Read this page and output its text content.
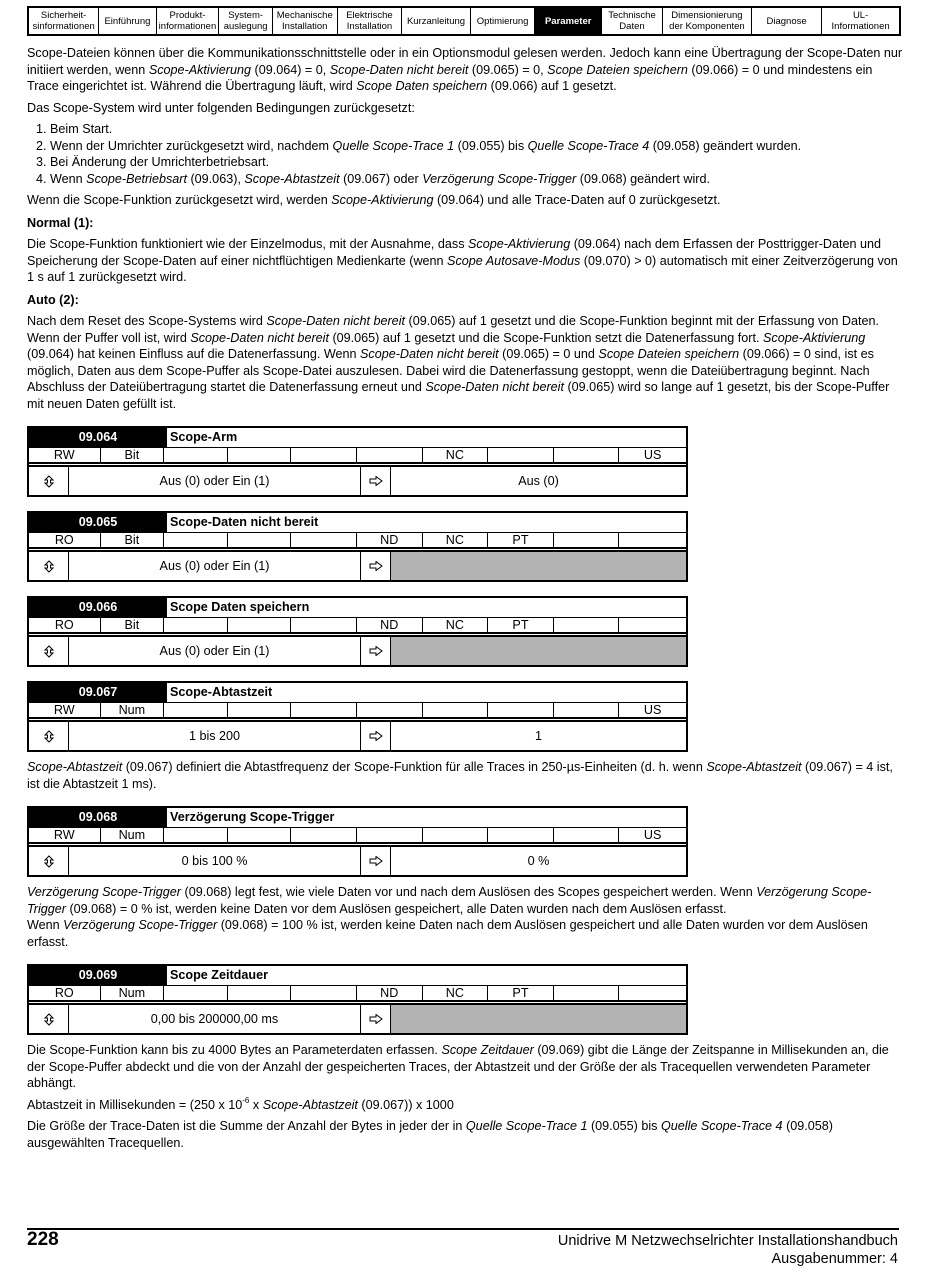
Sicherheit-
sinformationen	Einführung	Produkt-
informationen
System-
auslegung
Mechanische
Installation
Elektrische
Installation	Kurzanleitung	Optimierung	Parameter	Technische
Daten
Dimensionierung
der Komponenten	Diagnose	UL-
Informationen

Scope-Dateien können über die Kommunikationsschnittstelle oder in ein Optionsmodul gelesen werden. Jedoch kann eine Übertragung der Scope-Daten nur initiiert werden, wenn Scope-Aktivierung (09.064) = 0, Scope-Daten nicht bereit (09.065) = 0, Scope Dateien speichern (09.066) = 0 und mindestens ein Trace eingerichtet ist. Während die Übertragung läuft, wird Scope Daten speichern (09.066) auf 1 gesetzt.

Das Scope-System wird unter folgenden Bedingungen zurückgesetzt:

1. Beim Start.
2. Wenn der Umrichter zurückgesetzt wird, nachdem Quelle Scope-Trace 1 (09.055) bis Quelle Scope-Trace 4 (09.058) geändert wurden.
3. Bei Änderung der Umrichterbetriebsart.
4. Wenn Scope-Betriebsart (09.063), Scope-Abtastzeit (09.067) oder Verzögerung Scope-Trigger (09.068) geändert wird.

Wenn die Scope-Funktion zurückgesetzt wird, werden Scope-Aktivierung (09.064) und alle Trace-Daten auf 0 zurückgesetzt.

Normal (1):

Die Scope-Funktion funktioniert wie der Einzelmodus, mit der Ausnahme, dass Scope-Aktivierung (09.064) nach dem Erfassen der Posttrigger-Daten und Speicherung der Scope-Daten auf einer nichtflüchtigen Medienkarte (wenn Scope Autosave-Modus (09.070) > 0) automatisch mit einer Zeitverzögerung von 1 s auf 1 zurückgesetzt wird.

Auto (2):

Nach dem Reset des Scope-Systems wird Scope-Daten nicht bereit (09.065) auf 1 gesetzt und die Scope-Funktion beginnt mit der Erfassung von Daten. Wenn der Puffer voll ist, wird Scope-Daten nicht bereit (09.065) auf 1 gesetzt und die Scope-Funktion setzt die Datenerfassung fort. Scope-Aktivierung (09.064) hat keinen Einfluss auf die Datenerfassung. Wenn Scope-Daten nicht bereit (09.065) = 0 und Scope Dateien speichern (09.066) = 0 sind, ist es möglich, Daten aus dem Scope-Puffer als Scope-Datei auszulesen. Dabei wird die Datenerfassung gestoppt, wenn die Dateiübertragung beginnt. Nach Abschluss der Dateiübertragung startet die Datenerfassung erneut und Scope-Daten nicht bereit (09.065) wird so lange auf 1 gesetzt, bis der Scope-Puffer mit neuen Daten gefüllt ist.

09.064	Scope-Arm
RW	Bit	NC	US
Aus (0) oder Ein (1)	Aus (0)
09.065	Scope-Daten nicht bereit
RO	Bit	ND	NC	PT
Aus (0) oder Ein (1)
09.066	Scope Daten speichern
RO	Bit	ND	NC	PT
Aus (0) oder Ein (1)
09.067	Scope-Abtastzeit
RW	Num	US
1 bis 200	1

Scope-Abtastzeit (09.067) definiert die Abtastfrequenz der Scope-Funktion für alle Traces in 250-µs-Einheiten (d. h. wenn Scope-Abtastzeit (09.067) = 4 ist, ist die Abtastzeit 1 ms).

09.068	Verzögerung Scope-Trigger
RW	Num	US
0 bis 100 %	0 %

Verzögerung Scope-Trigger (09.068) legt fest, wie viele Daten vor und nach dem Auslösen des Scopes gespeichert werden. Wenn Verzögerung Scope-Trigger (09.068) = 0 % ist, werden keine Daten vor dem Auslösen gespeichert, alle Daten wurden nach dem Auslösen erfasst.

Wenn Verzögerung Scope-Trigger (09.068) = 100 % ist, werden keine Daten nach dem Auslösen gespeichert und alle Daten wurden vor dem Auslösen erfasst.

09.069	Scope Zeitdauer
RO	Num	ND	NC	PT
0,00 bis 200000,00 ms

Die Scope-Funktion kann bis zu 4000 Bytes an Parameterdaten erfassen. Scope Zeitdauer (09.069) gibt die Länge der Zeitspanne in Millisekunden an, die der Scope-Puffer abdeckt und die von der Anzahl der gespeicherten Traces, der Abtastzeit und der Größe der als Tracequellen verwendeten Parameter abhängt.

Abtastzeit in Millisekunden = (250 x $10^{-6}$ x Scope-Abtastzeit (09.067)) x 1000

Die Größe der Trace-Daten ist die Summe der Anzahl der Bytes in jeder der in Quelle Scope-Trace 1 (09.055) bis Quelle Scope-Trace 4 (09.058) ausgewählten Tracequellen.

228	Unidrive M Netzwechselrichter Installationshandbuch
Ausgabenummer: 4
